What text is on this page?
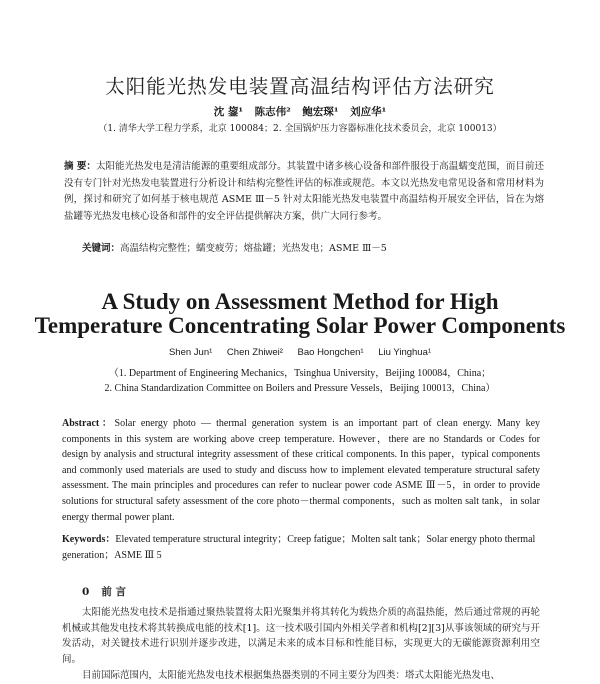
太阳能光热发电装置高温结构评估方法研究
沈 鋆¹ 陈志伟² 鲍宏琛¹ 刘应华¹
（1. 清华大学工程力学系，北京 100084；2. 全国锅炉压力容器标准化技术委员会，北京 100013）
摘 要：太阳能光热发电是清洁能源的重要组成部分。其装置中诸多核心设备和部件服役于高温蠕变范围，而目前还没有专门针对光热发电装置进行分析设计和结构完整性评估的标准或规范。本文以光热发电常见设备和常用材料为例，探讨和研究了如何基于核电规范 ASME Ⅲ－5 针对太阳能光热发电装置中高温结构开展安全评估，旨在为熔盐罐等光热发电核心设备和部件的安全评估提供解决方案，供广大同行参考。
关键词：高温结构完整性；蠕变疲劳；熔盐罐；光热发电；ASME Ⅲ－5
A Study on Assessment Method for High
Temperature Concentrating Solar Power Components
Shen Jun¹ Chen Zhiwei² Bao Hongchen¹ Liu Yinghua¹
（1. Department of Engineering Mechanics，Tsinghua University，Beijing 100084，China；
2. China Standardization Committee on Boilers and Pressure Vessels，Beijing 100013，China）
Abstract：Solar energy photo — thermal generation system is an important part of clean energy. Many key components in this system are working above creep temperature. However，there are no Standards or Codes for design by analysis and structural integrity assessment of these critical components. In this paper，typical components and commonly used materials are used to study and discuss how to implement elevated temperature structural safety assessment. The main principles and procedures can refer to nuclear power code ASME Ⅲ－5，in order to provide solutions for structural safety assessment of the core photo－thermal components，such as molten salt tank，in solar energy thermal power plant.
Keywords：Elevated temperature structural integrity；Creep fatigue；Molten salt tank；Solar energy photo thermal generation；ASME Ⅲ 5
0 前 言
太阳能光热发电技术是指通过聚热装置将太阳光聚集并将其转化为载热介质的高温热能，然后通过常规的再轮机械或其他发电技术将其转换成电能的技术[1]。这一技术吸引国内外相关学者和机构[2][3]从事该领域的研究与开发活动，对关键技术进行识别并逐步改进，以满足未来的成本目标和性能目标，实现更大的无碳能源资源利用空间。
目前国际范围内，太阳能光热发电技术根据集热器类别的不同主要分为四类：塔式太阳能光热发电、
